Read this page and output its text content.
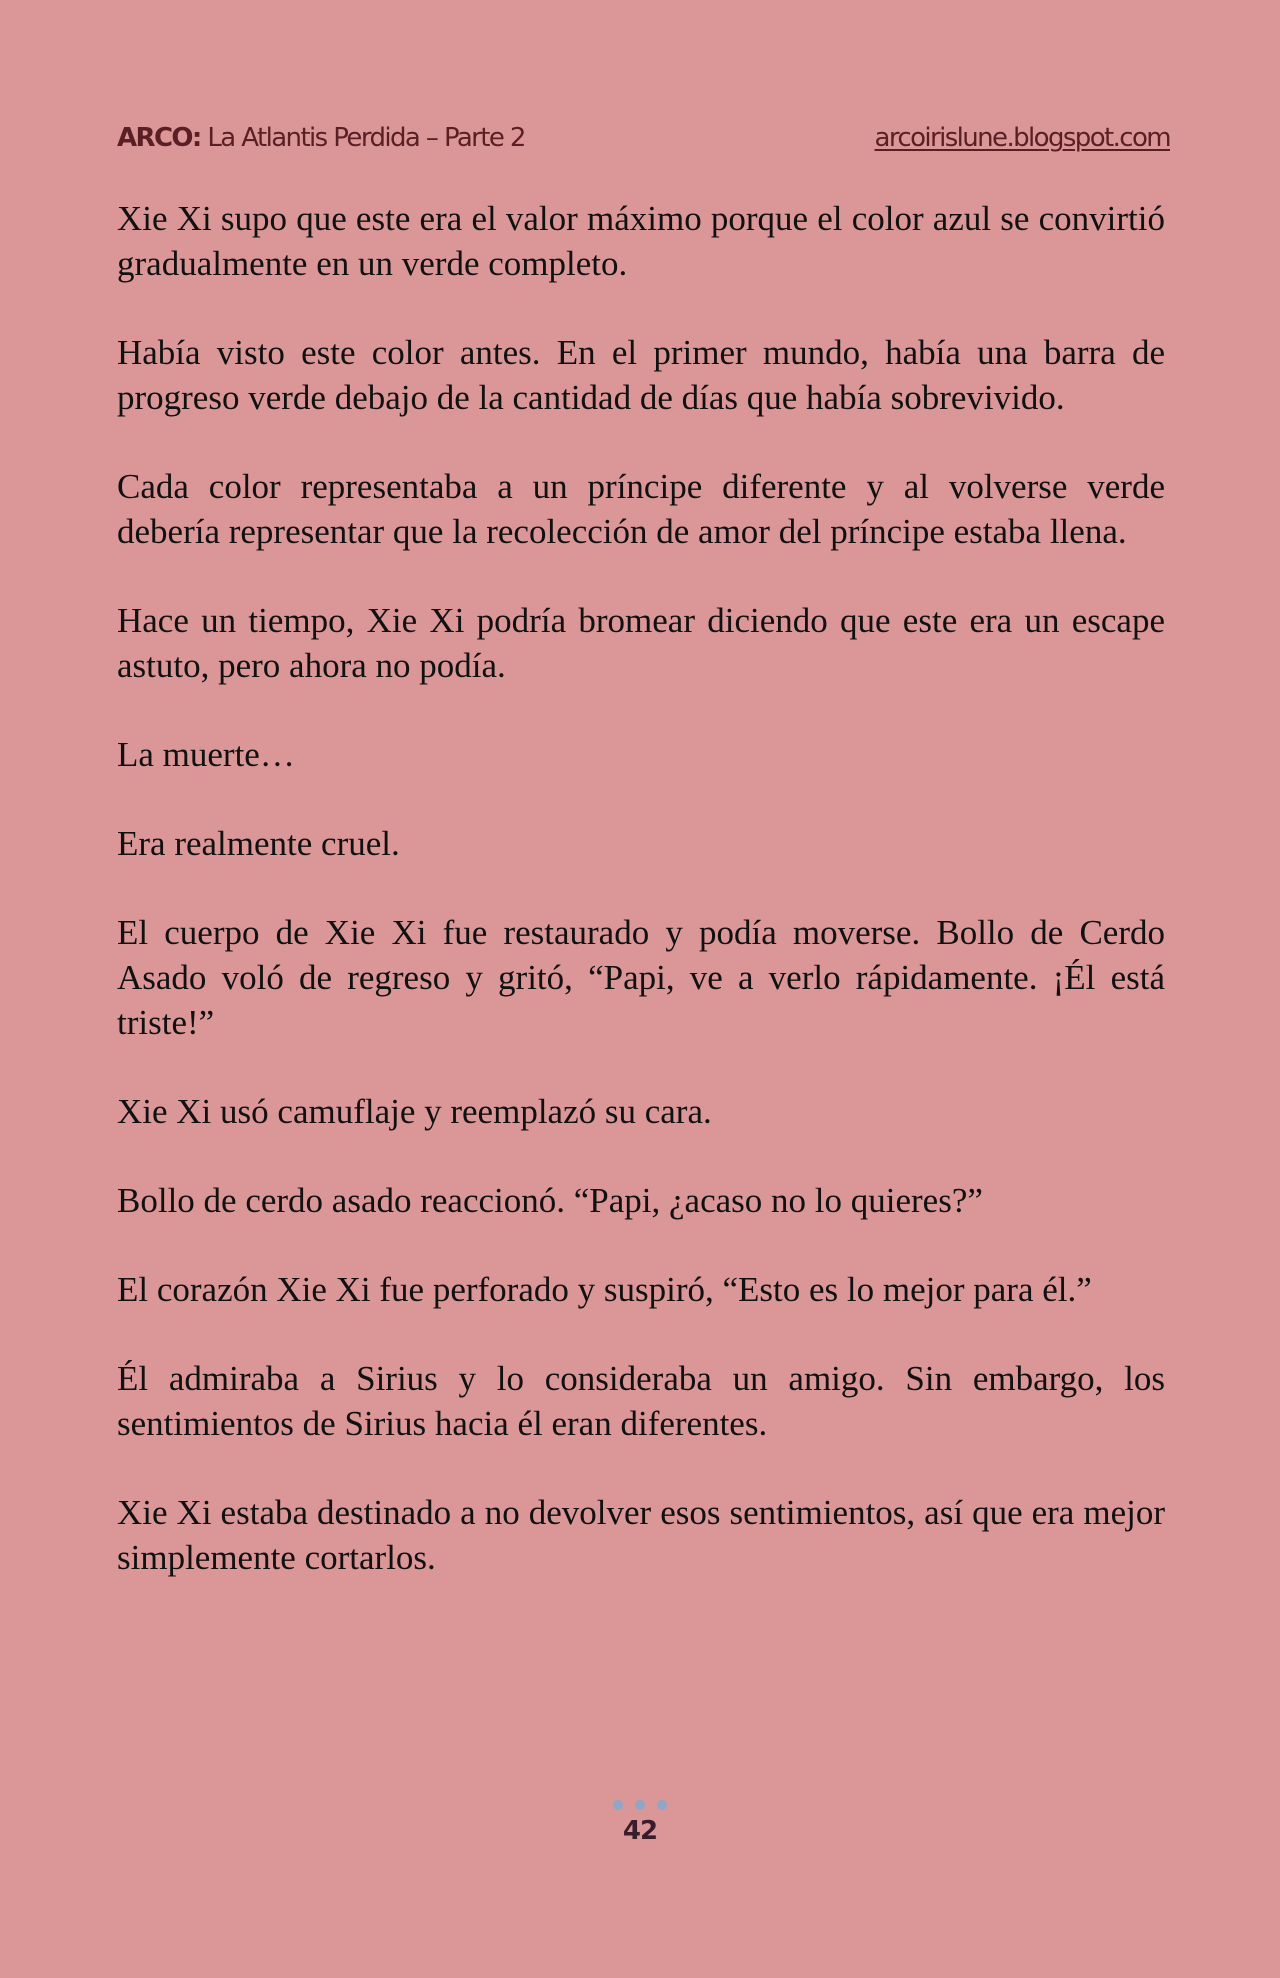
ARCO: La Atlantis Perdida – Parte 2	arcoirislune.blogspot.com

Xie Xi supo que este era el valor máximo porque el color azul se convirtió gradualmente en un verde completo.

Había visto este color antes. En el primer mundo, había una barra de progreso verde debajo de la cantidad de días que había sobrevivido.

Cada color representaba a un príncipe diferente y al volverse verde debería representar que la recolección de amor del príncipe estaba llena.

Hace un tiempo, Xie Xi podría bromear diciendo que este era un escape astuto, pero ahora no podía.

La muerte…

Era realmente cruel.

El cuerpo de Xie Xi fue restaurado y podía moverse. Bollo de Cerdo Asado voló de regreso y gritó, “Papi, ve a verlo rápidamente. ¡Él está triste!”

Xie Xi usó camuflaje y reemplazó su cara.

Bollo de cerdo asado reaccionó. “Papi, ¿acaso no lo quieres?”

El corazón Xie Xi fue perforado y suspiró, “Esto es lo mejor para él.”

Él admiraba a Sirius y lo consideraba un amigo. Sin embargo, los sentimientos de Sirius hacia él eran diferentes.

Xie Xi estaba destinado a no devolver esos sentimientos, así que era mejor simplemente cortarlos.

42
